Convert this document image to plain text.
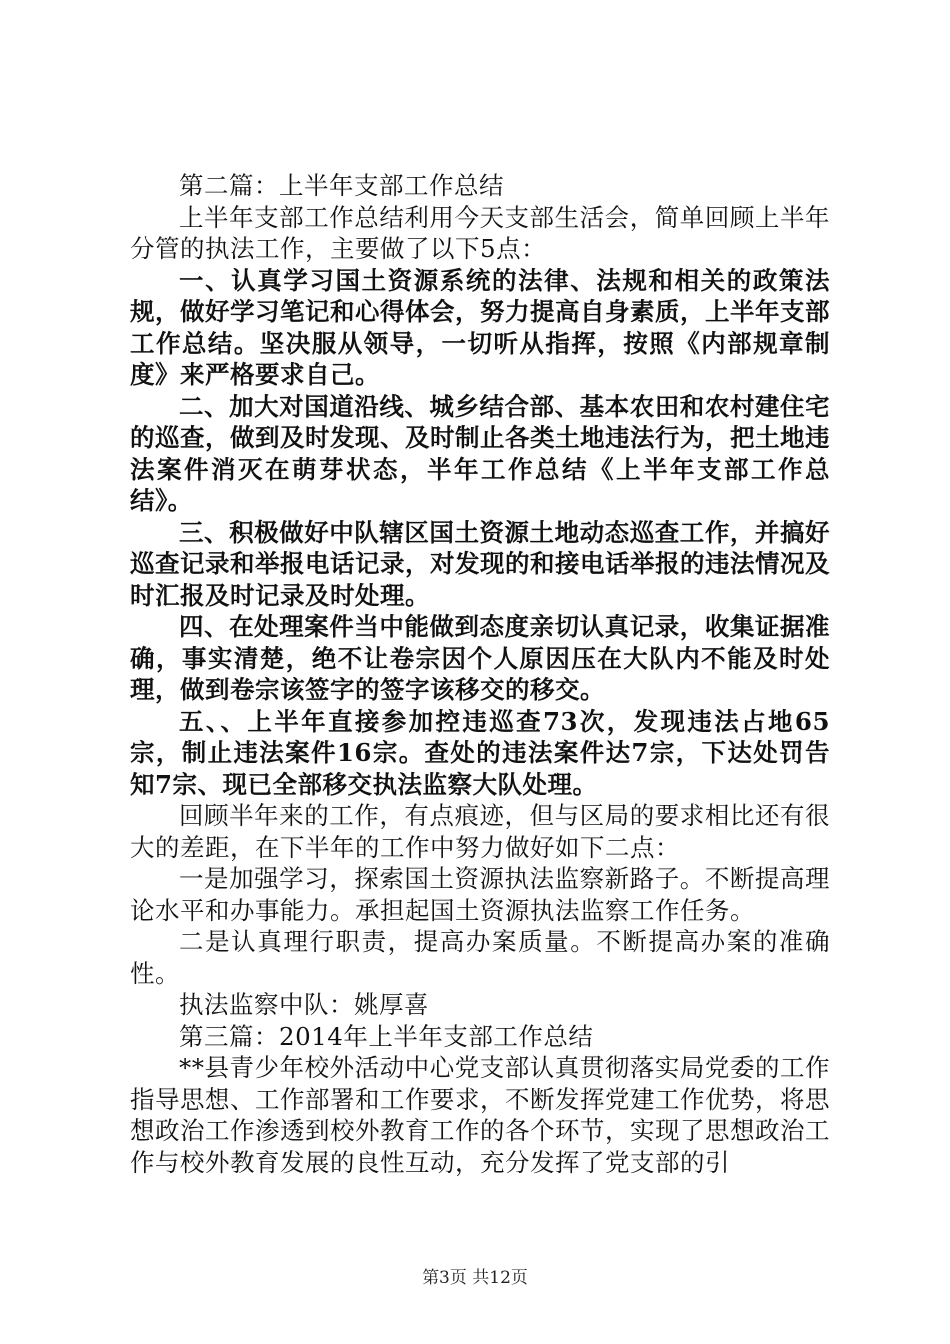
第二篇：上半年支部工作总结

上半年支部工作总结利用今天支部生活会，简单回顾上半年分管的执法工作，主要做了以下5点：

一、认真学习国土资源系统的法律、法规和相关的政策法规，做好学习笔记和心得体会，努力提高自身素质，上半年支部工作总结。坚决服从领导，一切听从指挥，按照《内部规章制度》来严格要求自己。

二、加大对国道沿线、城乡结合部、基本农田和农村建住宅的巡查，做到及时发现、及时制止各类土地违法行为，把土地违法案件消灭在萌芽状态，半年工作总结《上半年支部工作总结》。

三、积极做好中队辖区国土资源土地动态巡查工作，并搞好巡查记录和举报电话记录，对发现的和接电话举报的违法情况及时汇报及时记录及时处理。

四、在处理案件当中能做到态度亲切认真记录，收集证据准确，事实清楚，绝不让卷宗因个人原因压在大队内不能及时处理，做到卷宗该签字的签字该移交的移交。

五、、上半年直接参加控违巡查73次，发现违法占地65宗，制止违法案件16宗。查处的违法案件达7宗，下达处罚告知7宗、现已全部移交执法监察大队处理。

回顾半年来的工作，有点痕迹，但与区局的要求相比还有很大的差距，在下半年的工作中努力做好如下二点：

一是加强学习，探索国土资源执法监察新路子。不断提高理论水平和办事能力。承担起国土资源执法监察工作任务。

二是认真理行职责，提高办案质量。不断提高办案的准确性。

执法监察中队：姚厚喜

第三篇：2014年上半年支部工作总结

**县青少年校外活动中心党支部认真贯彻落实局党委的工作指导思想、工作部署和工作要求，不断发挥党建工作优势，将思想政治工作渗透到校外教育工作的各个环节，实现了思想政治工作与校外教育发展的良性互动，充分发挥了党支部的引

第3页 共12页
